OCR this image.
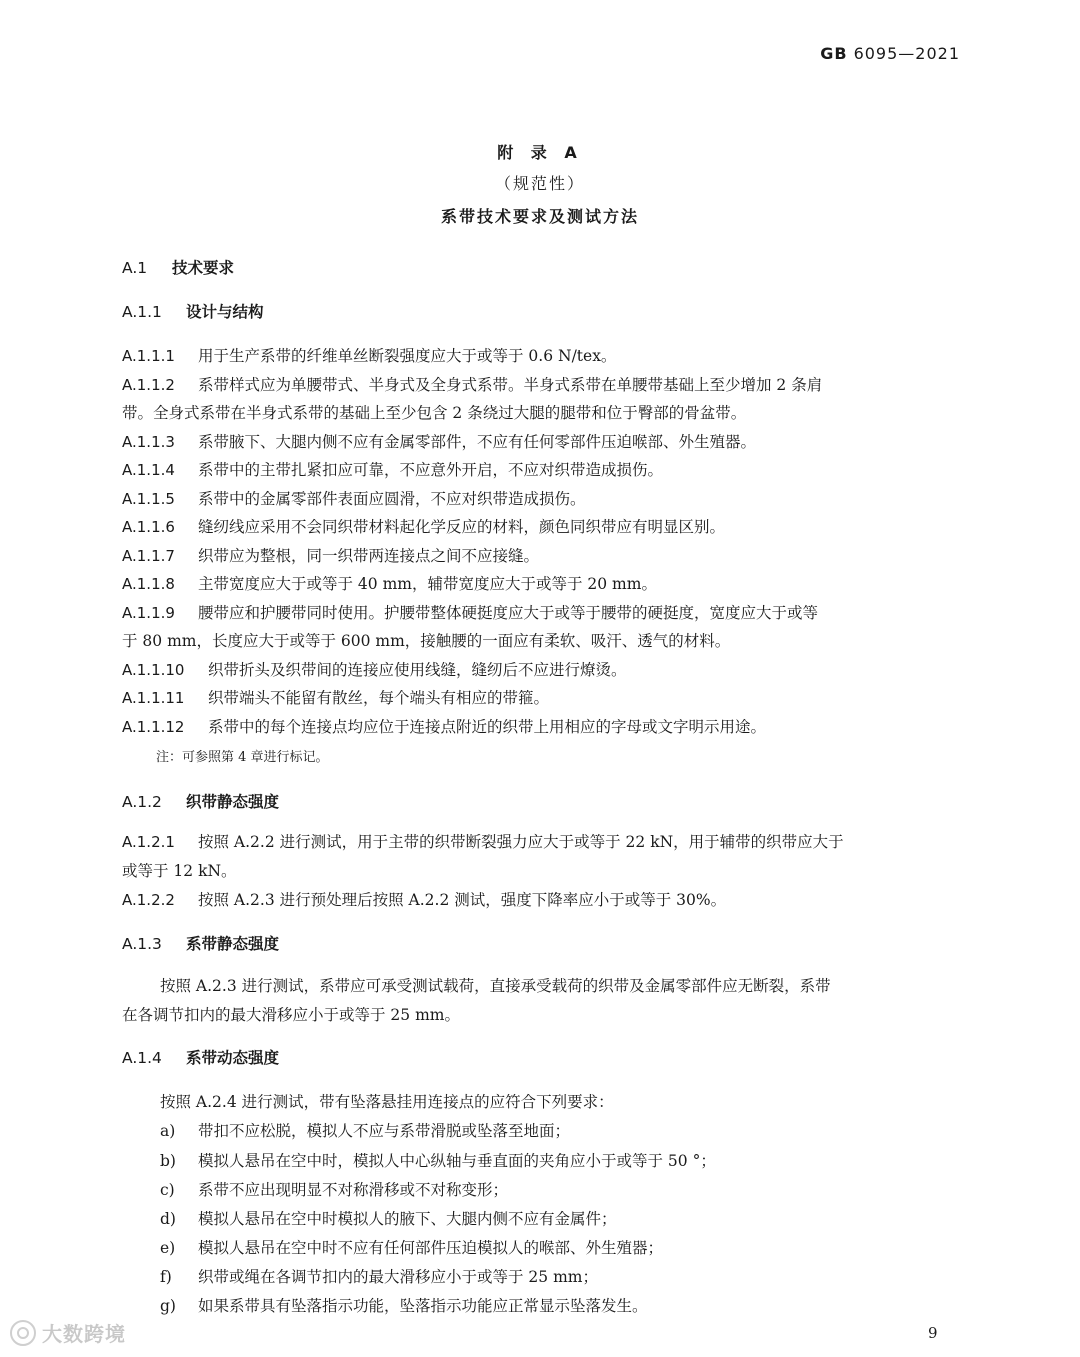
GB 6095—2021
附 录 A
（规范性）
系带技术要求及测试方法
A.1 技术要求
A.1.1 设计与结构
A.1.1.1 用于生产系带的纤维单丝断裂强度应大于或等于 0.6 N/tex。
A.1.1.2 系带样式应为单腰带式、半身式及全身式系带。半身式系带在单腰带基础上至少增加 2 条肩
带。全身式系带在半身式系带的基础上至少包含 2 条绕过大腿的腿带和位于臀部的骨盆带。
A.1.1.3 系带腋下、大腿内侧不应有金属零部件，不应有任何零部件压迫喉部、外生殖器。
A.1.1.4 系带中的主带扎紧扣应可靠，不应意外开启，不应对织带造成损伤。
A.1.1.5 系带中的金属零部件表面应圆滑，不应对织带造成损伤。
A.1.1.6 缝纫线应采用不会同织带材料起化学反应的材料，颜色同织带应有明显区别。
A.1.1.7 织带应为整根，同一织带两连接点之间不应接缝。
A.1.1.8 主带宽度应大于或等于 40 mm，辅带宽度应大于或等于 20 mm。
A.1.1.9 腰带应和护腰带同时使用。护腰带整体硬挺度应大于或等于腰带的硬挺度，宽度应大于或等
于 80 mm，长度应大于或等于 600 mm，接触腰的一面应有柔软、吸汗、透气的材料。
A.1.1.10 织带折头及织带间的连接应使用线缝，缝纫后不应进行燎烫。
A.1.1.11 织带端头不能留有散丝，每个端头有相应的带箍。
A.1.1.12 系带中的每个连接点均应位于连接点附近的织带上用相应的字母或文字明示用途。
注：可参照第 4 章进行标记。
A.1.2 织带静态强度
A.1.2.1 按照 A.2.2 进行测试，用于主带的织带断裂强力应大于或等于 22 kN，用于辅带的织带应大于
或等于 12 kN。
A.1.2.2 按照 A.2.3 进行预处理后按照 A.2.2 测试，强度下降率应小于或等于 30%。
A.1.3 系带静态强度
按照 A.2.3 进行测试，系带应可承受测试载荷，直接承受载荷的织带及金属零部件应无断裂，系带
在各调节扣内的最大滑移应小于或等于 25 mm。
A.1.4 系带动态强度
按照 A.2.4 进行测试，带有坠落悬挂用连接点的应符合下列要求：
a) 带扣不应松脱，模拟人不应与系带滑脱或坠落至地面；
b) 模拟人悬吊在空中时，模拟人中心纵轴与垂直面的夹角应小于或等于 50 °；
c) 系带不应出现明显不对称滑移或不对称变形；
d) 模拟人悬吊在空中时模拟人的腋下、大腿内侧不应有金属件；
e) 模拟人悬吊在空中时不应有任何部件压迫模拟人的喉部、外生殖器；
f) 织带或绳在各调节扣内的最大滑移应小于或等于 25 mm；
g) 如果系带具有坠落指示功能，坠落指示功能应正常显示坠落发生。
大数跨境	9
